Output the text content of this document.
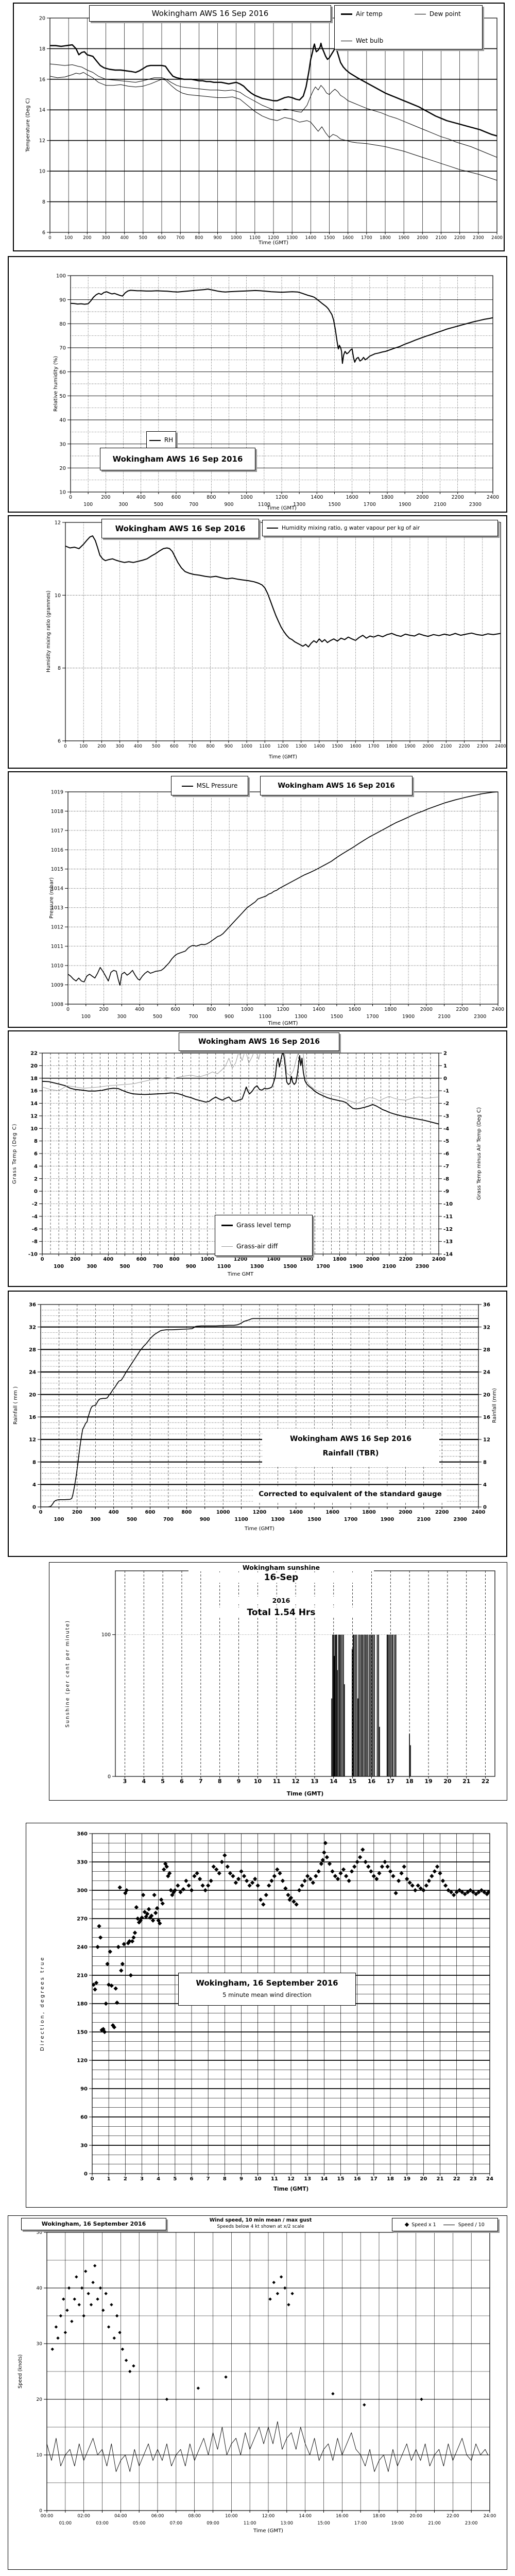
6
8
10
12
14
16
18
20
0	100 200 300 400 500 600 700 800 900 1000 1100 1200 1300 1400 1500 1600 1700 1800 1900 2000 2100 2200 2300 2400
Wokingham AWS 16 Sep 2016	Air temp	Dew point
Wet bulb
Temperature (Deg C)
Time (GMT)
10
20
30
40
50
60
70
80
90
100
0
100
200
300
400
500
600
700
800
900
1000
1100
1200
1300
1400
1500
1600
1700
1800
1900
2000
2100
2200
2300
2400
RH
Wokingham AWS 16 Sep 2016
Relative humidity (%)
Time (GMT)
6
8
10
12
0	100 200 300 400 500 600 700 800 900 1000 1100 1200 1300 1400 1500 1600 1700 1800 1900 2000 2100 2200 2300 2400
Wokingham AWS 16 Sep 2016	Humidity mixing ratio, g water vapour per kg of air
Humidity mixing ratio (grammes)
Time (GMT)
1008
1009
1010
1011
1012
1013
1014
1015
1016
1017
1018
1019
0
100
200
300
400
500
600
700
800
900
1000
1100
1200
1300
1400
1500
1600
1700
1800
1900
2000
2100
2200
2300
2400
MSL Pressure	Wokingham AWS 16 Sep 2016
Pressure (mbar)
Time (GMT)
-10
-8
-6
-4
-2
0
2
4
6
8
10
12
14
16
18
20
22
-14
-13
-12
-11
-10
-9
-8
-7
-6
-5
-4
-3
-2
-1
0
1
2
0
100
200
300
400
500
600
700
800
900
1000
1100
1200
1300
1400
1500
1600
1700
1800
1900
2000
2100
2200
2300
2400
Wokingham AWS 16 Sep 2016
Grass level temp
Grass-air diff
Grass Temp (Deg C)	Grass Temp minus Air Temp (Deg C)
Time GMT
0
4
8
12
16
20
24
28
32
36
0
4
8
12
16
20
24
28
32
36
0
100
200
300
400
500
600
700
800
900
1000
1100
1200
1300
1400
1500
1600
1700
1800
1900
2000
2100
2200
2300
2400
Wokingham AWS 16 Sep 2016
Rainfall (TBR)
Corrected to equivalent of the standard gauge
Rainfall ( mm )	Rainfall (mm)
Time (GMT)
0
100
3	4	5	6	7	8	9 10 11 12 13 14 15 16 17 18 19 20 21 22
Wokingham sunshine
16-Sep
2016
Total 1.54 Hrs
Sunshine (per cent per minute)
Time (GMT)
0
30
60
90
120
150
180
210
240
270
300
330
360
0	1	2	3	4	5	6	7	8	9 10 11 12 13 14 15 16 17 18 19 20 21 22 23 24
Wokingham, 16 September 2016
5 minute mean wind direction
Direction, degrees true
Time (GMT)
0
10
20
30
40
50
00:00
01:00
02:00
03:00
04:00
05:00
06:00
07:00
08:00
09:00
10:00
11:00
12:00
13:00
14:00
15:00
16:00
17:00
18:00
19:00
20:00
21:00
22:00
23:00
24:00
Wokingham, 16 September 2016
Wind speed, 10 min mean / max gust
Speeds below 4 kt shown at x/2 scale	Speed x 1	Speed / 10
Speed (knots)
Time (GMT)
